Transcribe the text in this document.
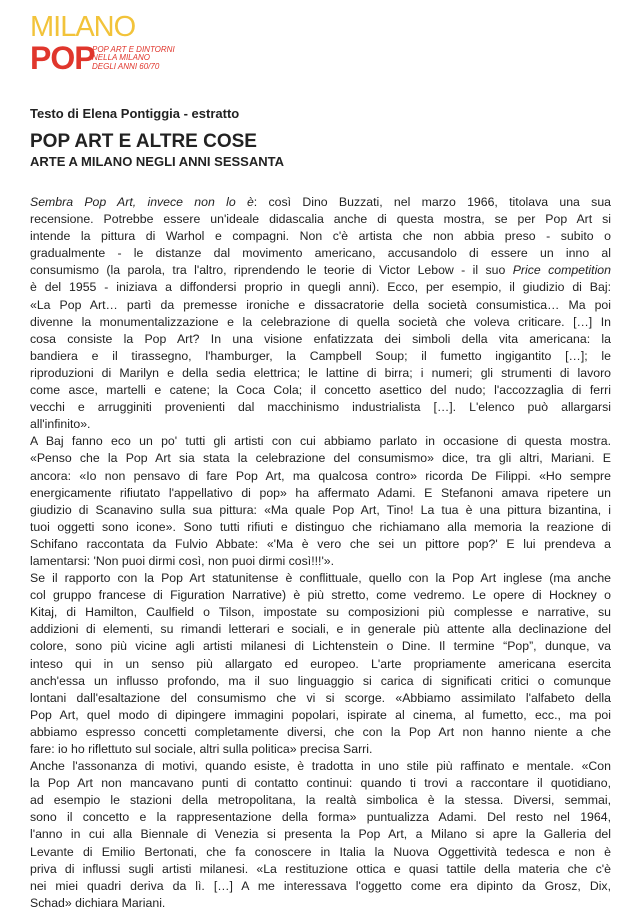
MILANO
POP
POP ART E DINTORNI
NELLA MILANO
DEGLI ANNI 60/70

Testo di Elena Pontiggia - estratto

POP ART E ALTRE COSE
ARTE A MILANO NEGLI ANNI SESSANTA

Sembra Pop Art, invece non lo è: così Dino Buzzati, nel marzo 1966, titolava una sua
recensione. Potrebbe essere un'ideale didascalia anche di questa mostra, se per Pop Art si
intende la pittura di Warhol e compagni. Non c'è artista che non abbia preso - subito o
gradualmente - le distanze dal movimento americano, accusandolo di essere un inno al
consumismo (la parola, tra l'altro, riprendendo le teorie di Victor Lebow - il suo Price competition
è del 1955 - iniziava a diffondersi proprio in quegli anni). Ecco, per esempio, il giudizio di Baj:
«La Pop Art… partì da premesse ironiche e dissacratorie della società consumistica… Ma poi
divenne la monumentalizzazione e la celebrazione di quella società che voleva criticare. […] In
cosa consiste la Pop Art? In una visione enfatizzata dei simboli della vita americana: la
bandiera e il tirassegno, l'hamburger, la Campbell Soup; il fumetto ingigantito […]; le
riproduzioni di Marilyn e della sedia elettrica; le lattine di birra; i numeri; gli strumenti di lavoro
come asce, martelli e catene; la Coca Cola; il concetto asettico del nudo; l'accozzaglia di ferri
vecchi e arrugginiti provenienti dal macchinismo industrialista […]. L'elenco può allargarsi
all'infinito».

A Baj fanno eco un po' tutti gli artisti con cui abbiamo parlato in occasione di questa mostra.
«Penso che la Pop Art sia stata la celebrazione del consumismo» dice, tra gli altri, Mariani. E
ancora: «Io non pensavo di fare Pop Art, ma qualcosa contro» ricorda De Filippi. «Ho sempre
energicamente rifiutato l'appellativo di pop» ha affermato Adami. E Stefanoni amava ripetere un
giudizio di Scanavino sulla sua pittura: «Ma quale Pop Art, Tino! La tua è una pittura bizantina, i
tuoi oggetti sono icone». Sono tutti rifiuti e distinguo che richiamano alla memoria la reazione di
Schifano raccontata da Fulvio Abbate: «'Ma è vero che sei un pittore pop?' E lui prendeva a
lamentarsi: 'Non puoi dirmi così, non puoi dirmi così!!!'».

Se il rapporto con la Pop Art statunitense è conflittuale, quello con la Pop Art inglese (ma anche
col gruppo francese di Figuration Narrative) è più stretto, come vedremo. Le opere di Hockney o
Kitaj, di Hamilton, Caulfield o Tilson, impostate su composizioni più complesse e narrative, su
addizioni di elementi, su rimandi letterari e sociali, e in generale più attente alla declinazione del
colore, sono più vicine agli artisti milanesi di Lichtenstein o Dine. Il termine “Pop”, dunque, va
inteso qui in un senso più allargato ed europeo. L'arte propriamente americana esercita
anch'essa un influsso profondo, ma il suo linguaggio si carica di significati critici o comunque
lontani dall'esaltazione del consumismo che vi si scorge. «Abbiamo assimilato l'alfabeto della
Pop Art, quel modo di dipingere immagini popolari, ispirate al cinema, al fumetto, ecc., ma poi
abbiamo espresso concetti completamente diversi, che con la Pop Art non hanno niente a che
fare: io ho riflettuto sul sociale, altri sulla politica» precisa Sarri.

Anche l'assonanza di motivi, quando esiste, è tradotta in uno stile più raffinato e mentale. «Con
la Pop Art non mancavano punti di contatto continui: quando ti trovi a raccontare il quotidiano,
ad esempio le stazioni della metropolitana, la realtà simbolica è la stessa. Diversi, semmai,
sono il concetto e la rappresentazione della forma» puntualizza Adami. Del resto nel 1964,
l'anno in cui alla Biennale di Venezia si presenta la Pop Art, a Milano si apre la Galleria del
Levante di Emilio Bertonati, che fa conoscere in Italia la Nuova Oggettività tedesca e non è
priva di influssi sugli artisti milanesi. «La restituzione ottica e quasi tattile della materia che c'è
nei miei quadri deriva da lì. […] A me interessava l'oggetto come era dipinto da Grosz, Dix,
Schad» dichiara Mariani.
